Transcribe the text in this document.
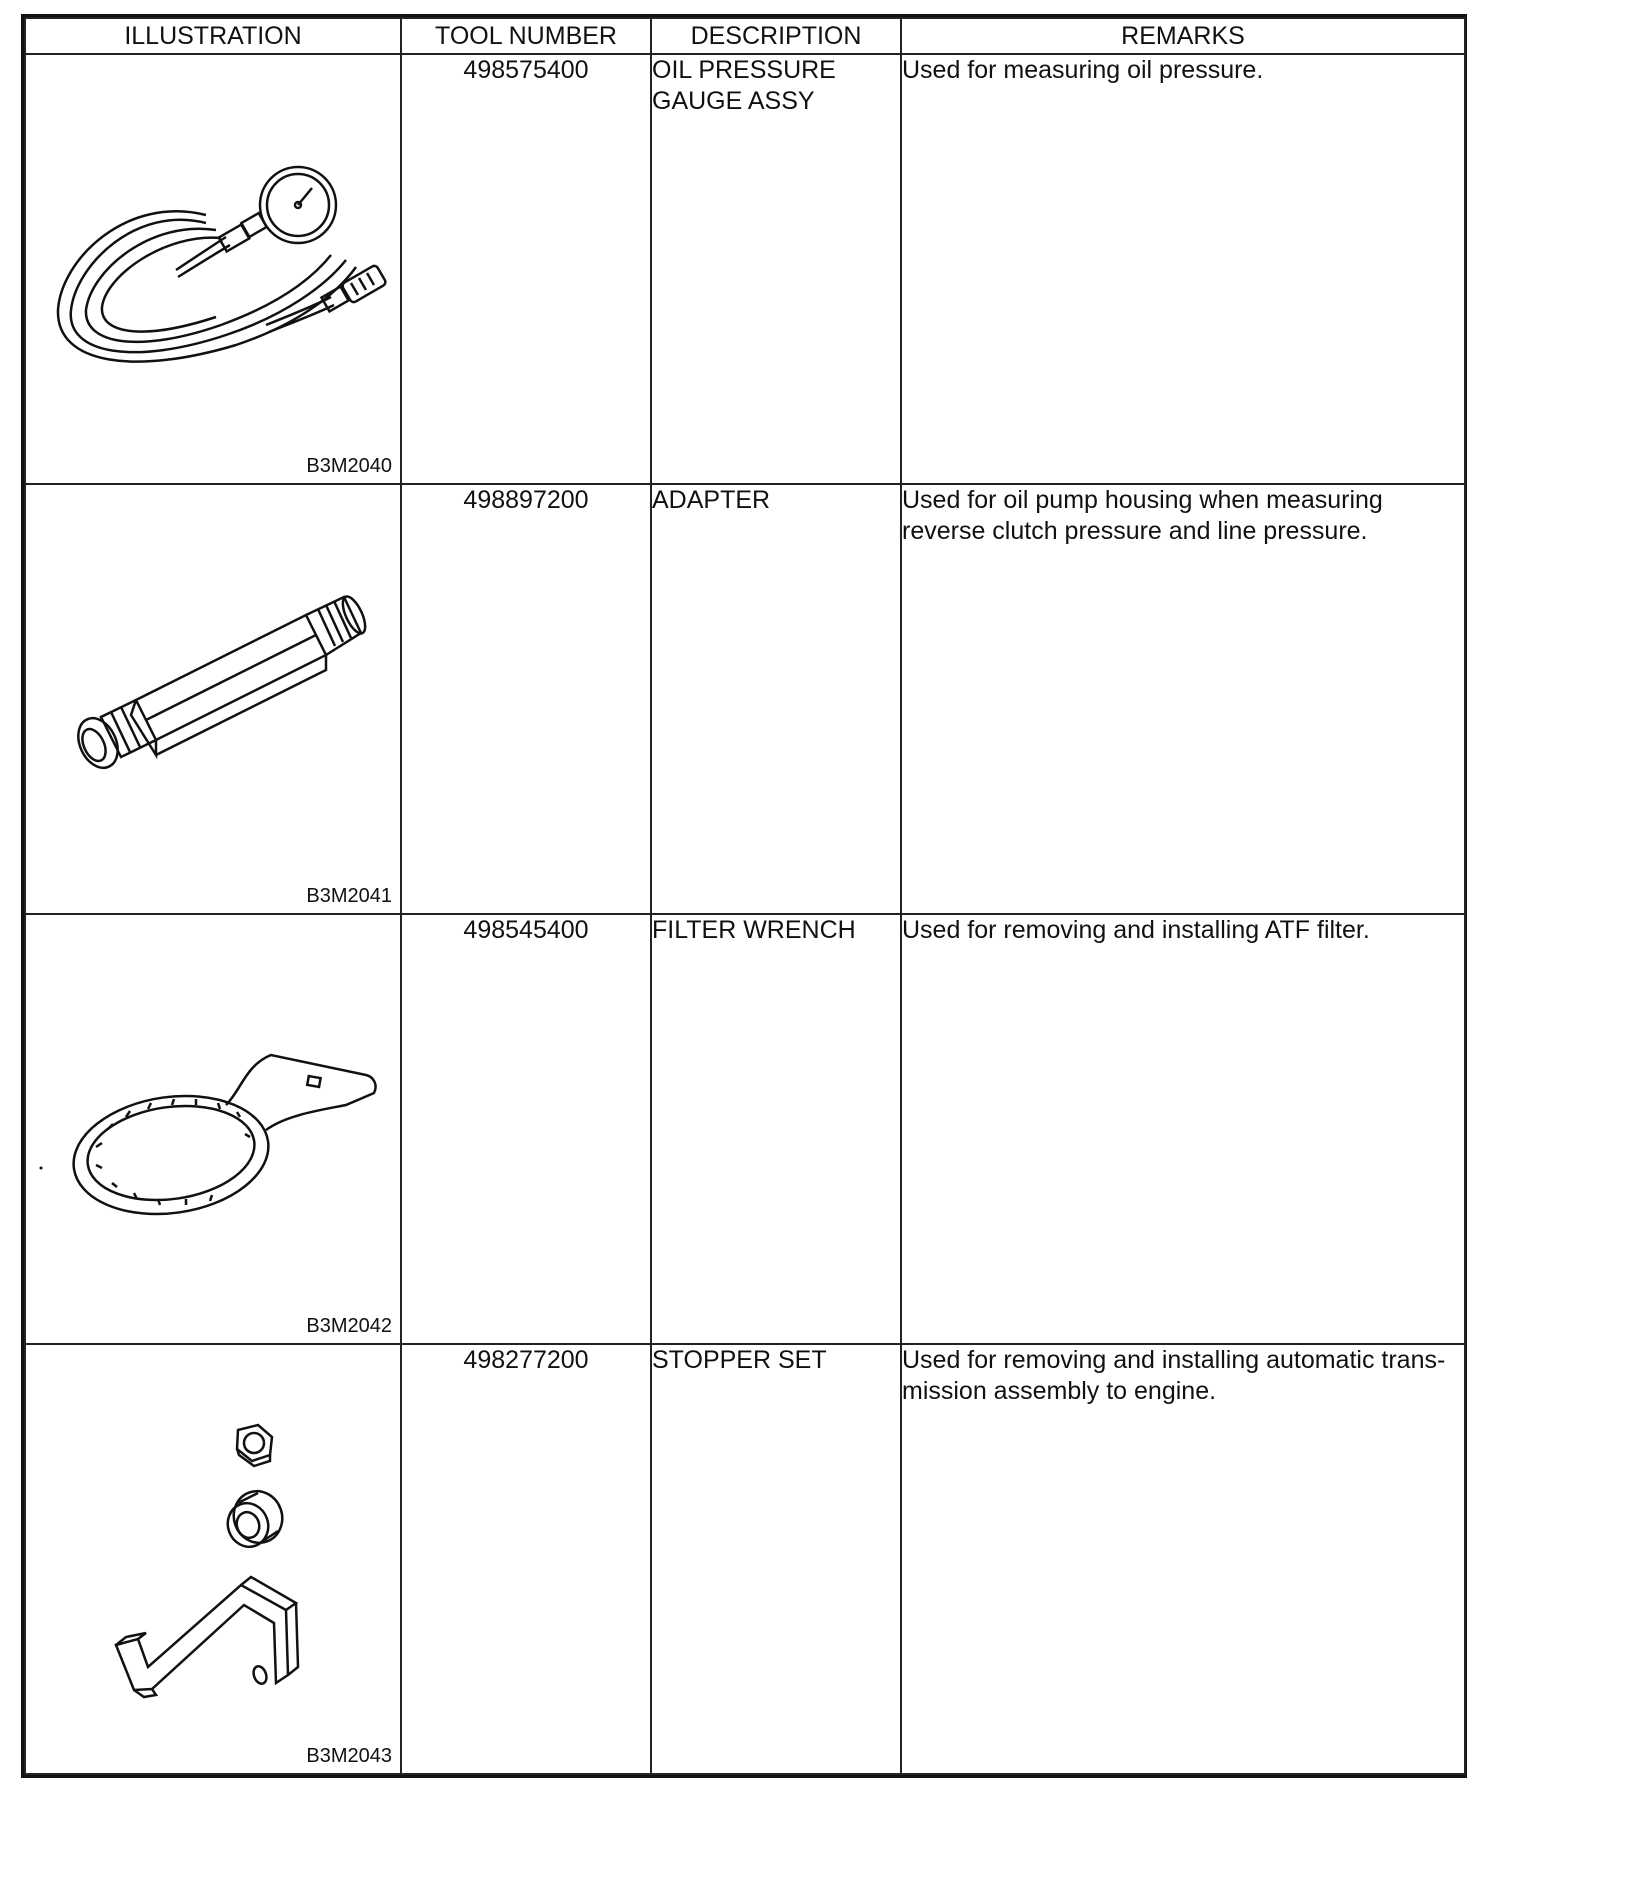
ILLUSTRATION	TOOL NUMBER	DESCRIPTION	REMARKS

B3M2040	498575400	OIL PRESSURE
GAUGE ASSY	Used for measuring oil pressure.

B3M2041	498897200	ADAPTER	Used for oil pump housing when measuring
reverse clutch pressure and line pressure.

B3M2042	498545400	FILTER WRENCH	Used for removing and installing ATF filter.

B3M2043	498277200	STOPPER SET	Used for removing and installing automatic trans-
mission assembly to engine.
